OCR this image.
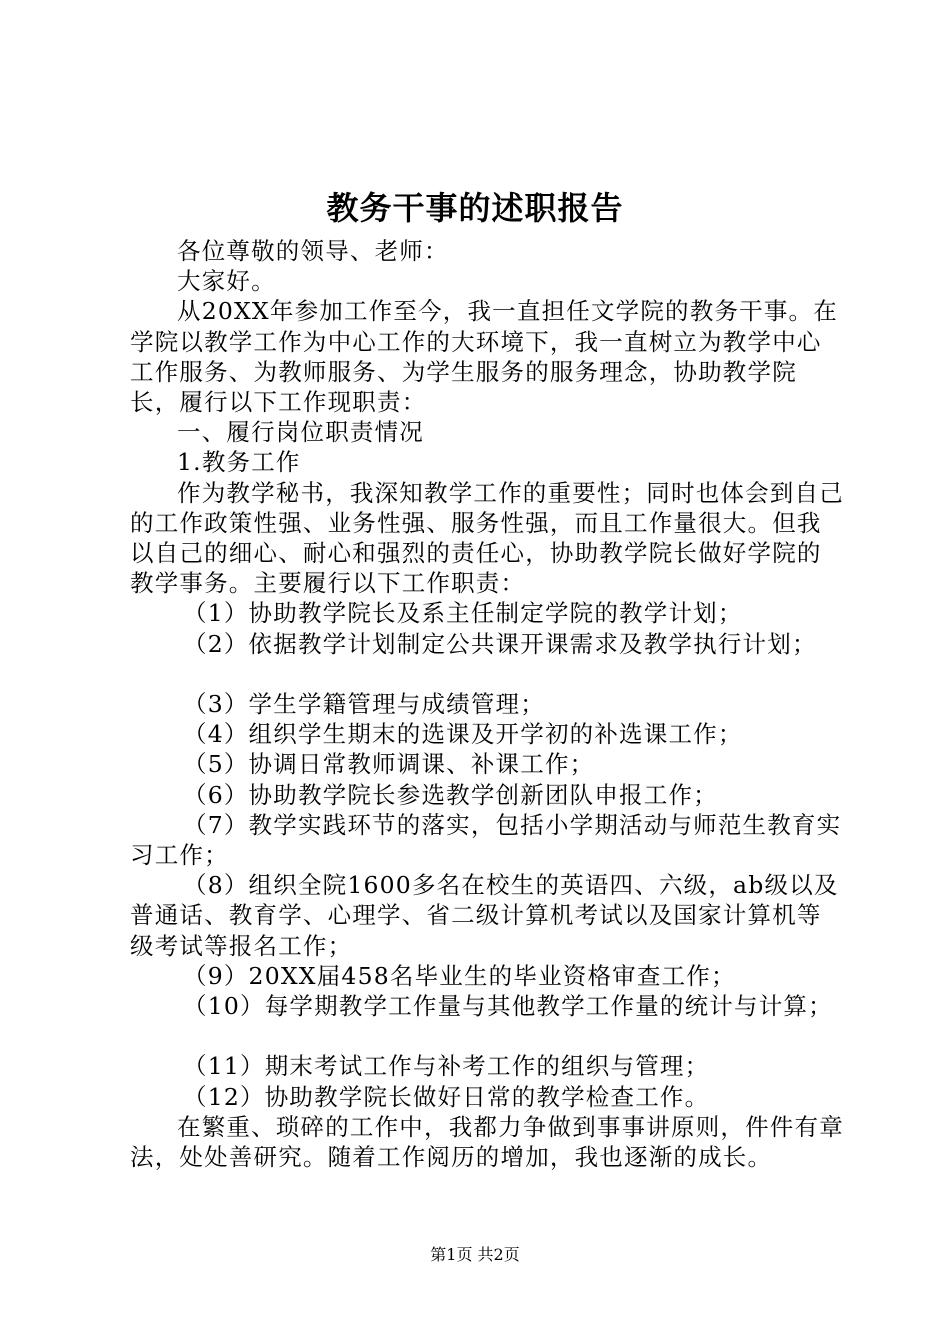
教务干事的述职报告

各位尊敬的领导、老师：

大家好。

从20XX年参加工作至今，我一直担任文学院的教务干事。在学院以教学工作为中心工作的大环境下，我一直树立为教学中心工作服务、为教师服务、为学生服务的服务理念，协助教学院长，履行以下工作现职责：

一、履行岗位职责情况

1.教务工作

作为教学秘书，我深知教学工作的重要性；同时也体会到自己的工作政策性强、业务性强、服务性强，而且工作量很大。但我以自己的细心、耐心和强烈的责任心，协助教学院长做好学院的教学事务。主要履行以下工作职责：

（1）协助教学院长及系主任制定学院的教学计划；

（2）依据教学计划制定公共课开课需求及教学执行计划；

（3）学生学籍管理与成绩管理；

（4）组织学生期末的选课及开学初的补选课工作；

（5）协调日常教师调课、补课工作；

（6）协助教学院长参选教学创新团队申报工作；

（7）教学实践环节的落实，包括小学期活动与师范生教育实习工作；

（8）组织全院1600多名在校生的英语四、六级，ab级以及普通话、教育学、心理学、省二级计算机考试以及国家计算机等级考试等报名工作；

（9）20XX届458名毕业生的毕业资格审查工作；

（10）每学期教学工作量与其他教学工作量的统计与计算；

（11）期末考试工作与补考工作的组织与管理；

（12）协助教学院长做好日常的教学检查工作。

在繁重、琐碎的工作中，我都力争做到事事讲原则，件件有章法，处处善研究。随着工作阅历的增加，我也逐渐的成长。

第1页 共2页
